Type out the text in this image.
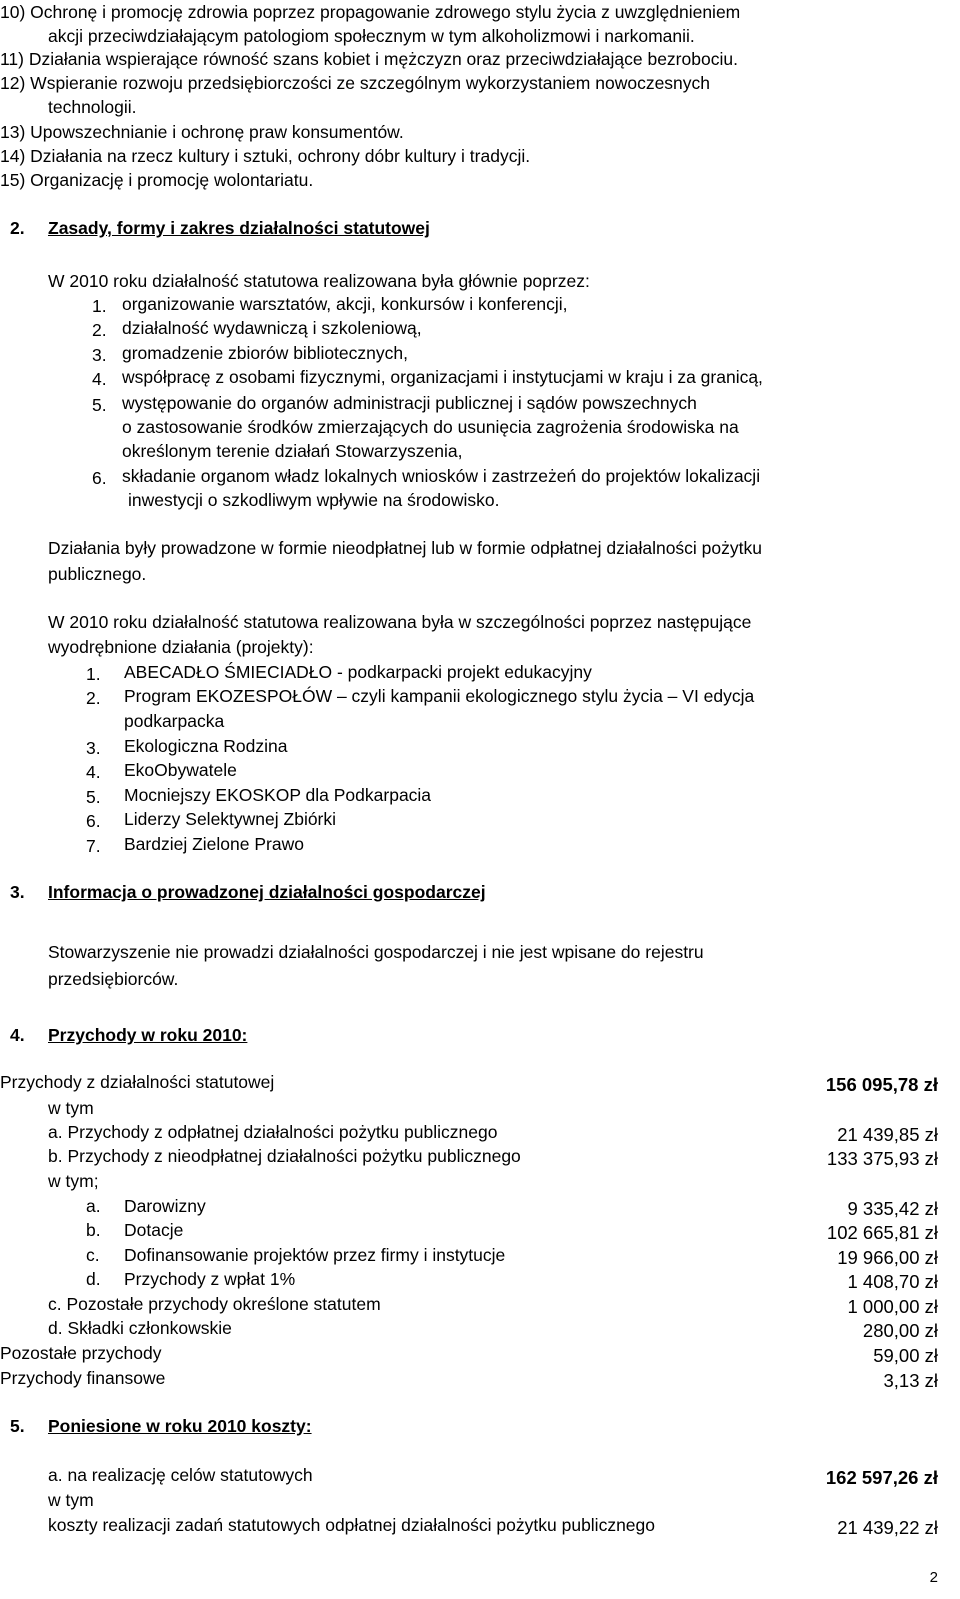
10) Ochronę i promocję zdrowia poprzez propagowanie zdrowego stylu życia z uwzględnieniem
akcji przeciwdziałającym patologiom społecznym w tym alkoholizmowi i narkomanii.
11) Działania wspierające równość szans kobiet i mężczyzn oraz przeciwdziałające bezrobociu.
12) Wspieranie rozwoju przedsiębiorczości ze szczególnym wykorzystaniem nowoczesnych
technologii.
13) Upowszechnianie i ochronę praw konsumentów.
14) Działania na rzecz kultury i sztuki, ochrony dóbr kultury i tradycji.
15) Organizację i promocję wolontariatu.
2. Zasady, formy i zakres działalności statutowej
W 2010 roku działalność statutowa realizowana była głównie poprzez:
1. organizowanie warsztatów, akcji, konkursów i konferencji,
2. działalność wydawniczą i szkoleniową,
3. gromadzenie zbiorów bibliotecznych,
4. współpracę z osobami fizycznymi, organizacjami i instytucjami w kraju i za granicą,
5. występowanie do organów administracji publicznej i sądów powszechnych
o zastosowanie środków zmierzających do usunięcia zagrożenia środowiska na
określonym terenie działań Stowarzyszenia,
6. składanie organom władz lokalnych wniosków i zastrzeżeń do projektów lokalizacji
inwestycji o szkodliwym wpływie na środowisko.
Działania były prowadzone w formie nieodpłatnej lub w formie odpłatnej działalności pożytku
publicznego.
W 2010 roku działalność statutowa realizowana była w szczególności poprzez następujące
wyodrębnione działania (projekty):
1. ABECADŁO ŚMIECIADŁO - podkarpacki projekt edukacyjny
2. Program EKOZESPOŁÓW – czyli kampanii ekologicznego stylu życia – VI edycja
podkarpacka
3. Ekologiczna Rodzina
4. EkoObywatele
5. Mocniejszy EKOSKOP dla Podkarpacia
6. Liderzy Selektywnej Zbiórki
7. Bardziej Zielone Prawo
3. Informacja o prowadzonej działalności gospodarczej
Stowarzyszenie nie prowadzi działalności gospodarczej i nie jest wpisane do rejestru
przedsiębiorców.
4. Przychody w roku 2010:
Przychody z działalności statutowej	156 095,78 zł
w tym
a. Przychody z odpłatnej działalności pożytku publicznego	21 439,85 zł
b. Przychody z nieodpłatnej działalności pożytku publicznego	133 375,93 zł
w tym;
a. Darowizny	9 335,42 zł
b. Dotacje	102 665,81 zł
c. Dofinansowanie projektów przez firmy i instytucje	19 966,00 zł
d. Przychody z wpłat 1%	1 408,70 zł
c. Pozostałe przychody określone statutem	1 000,00 zł
d. Składki członkowskie	280,00 zł
Pozostałe przychody	59,00 zł
Przychody finansowe	3,13 zł
5. Poniesione w roku 2010 koszty:
a. na realizację celów statutowych	162 597,26 zł
w tym
koszty realizacji zadań statutowych odpłatnej działalności pożytku publicznego	21 439,22 zł
2
